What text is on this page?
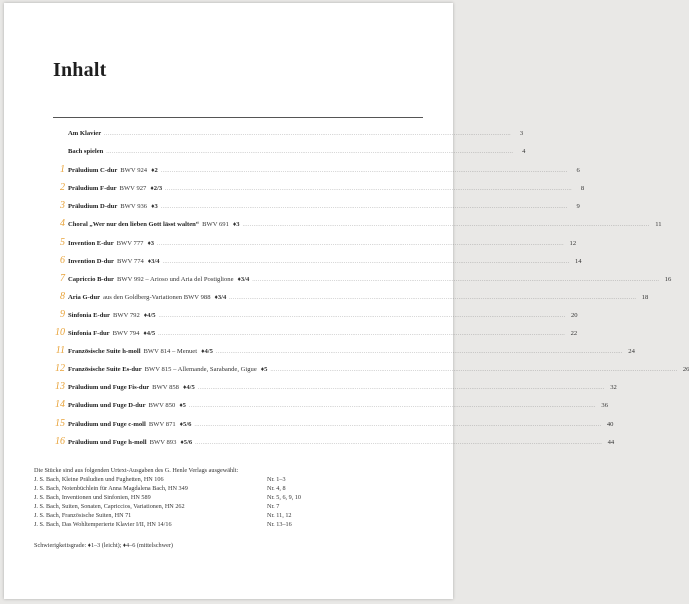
Inhalt
Am Klavier ............................................................................................................................................................................................................................	3
Bach spielen ............................................................................................................................................................................................................................	4
1 Präludium C-dur BWV 924 ♦2 ............................................................................................................................................................................................................................	6
2 Präludium F-dur BWV 927 ♦2/3 ............................................................................................................................................................................................................................	8
3 Präludium D-dur BWV 936 ♦3 ............................................................................................................................................................................................................................	9
4 Choral „Wer nur den lieben Gott lässt walten“ BWV 691 ♦3 ............................................................................................................................................................................................................................ 11
5 Invention E-dur BWV 777 ♦3 ............................................................................................................................................................................................................................ 12
6 Invention D-dur BWV 774 ♦3/4 ............................................................................................................................................................................................................................ 14
7 Capriccio B-dur BWV 992 – Arioso und Aria del Postiglione ♦3/4 ............................................................................................................................................................................................................................ 16
8 Aria G-dur aus den Goldberg-Variationen BWV 988 ♦3/4 ............................................................................................................................................................................................................................ 18
9 Sinfonia E-dur BWV 792 ♦4/5 ............................................................................................................................................................................................................................ 20
10 Sinfonia F-dur BWV 794 ♦4/5 ............................................................................................................................................................................................................................ 22
11 Französische Suite h-moll BWV 814 – Menuet ♦4/5 ............................................................................................................................................................................................................................ 24
12 Französische Suite Es-dur BWV 815 – Allemande, Sarabande, Gigue ♦5 ............................................................................................................................................................................................................................ 26
13 Präludium und Fuge Fis-dur BWV 858 ♦4/5 ............................................................................................................................................................................................................................ 32
14 Präludium und Fuge D-dur BWV 850 ♦5 ............................................................................................................................................................................................................................ 36
15 Präludium und Fuge c-moll BWV 871 ♦5/6 ............................................................................................................................................................................................................................ 40
16 Präludium und Fuge h-moll BWV 893 ♦5/6 ............................................................................................................................................................................................................................ 44
Die Stücke sind aus folgenden Urtext-Ausgaben des G. Henle Verlags ausgewählt:
J. S. Bach, Kleine Präludien und Fughetten, HN 106	Nr. 1–3
J. S. Bach, Notenbüchlein für Anna Magdalena Bach, HN 349	Nr. 4, 8
J. S. Bach, Inventionen und Sinfonien, HN 589	Nr. 5, 6, 9, 10
J. S. Bach, Suiten, Sonaten, Capriccios, Variationen, HN 262	Nr. 7
J. S. Bach, Französische Suiten, HN 71	Nr. 11, 12
J. S. Bach, Das Wohltemperierte Klavier I/II, HN 14/16	Nr. 13–16
Schwierigkeitsgrade: ♦1–3 (leicht); ♦4–6 (mittelschwer)
